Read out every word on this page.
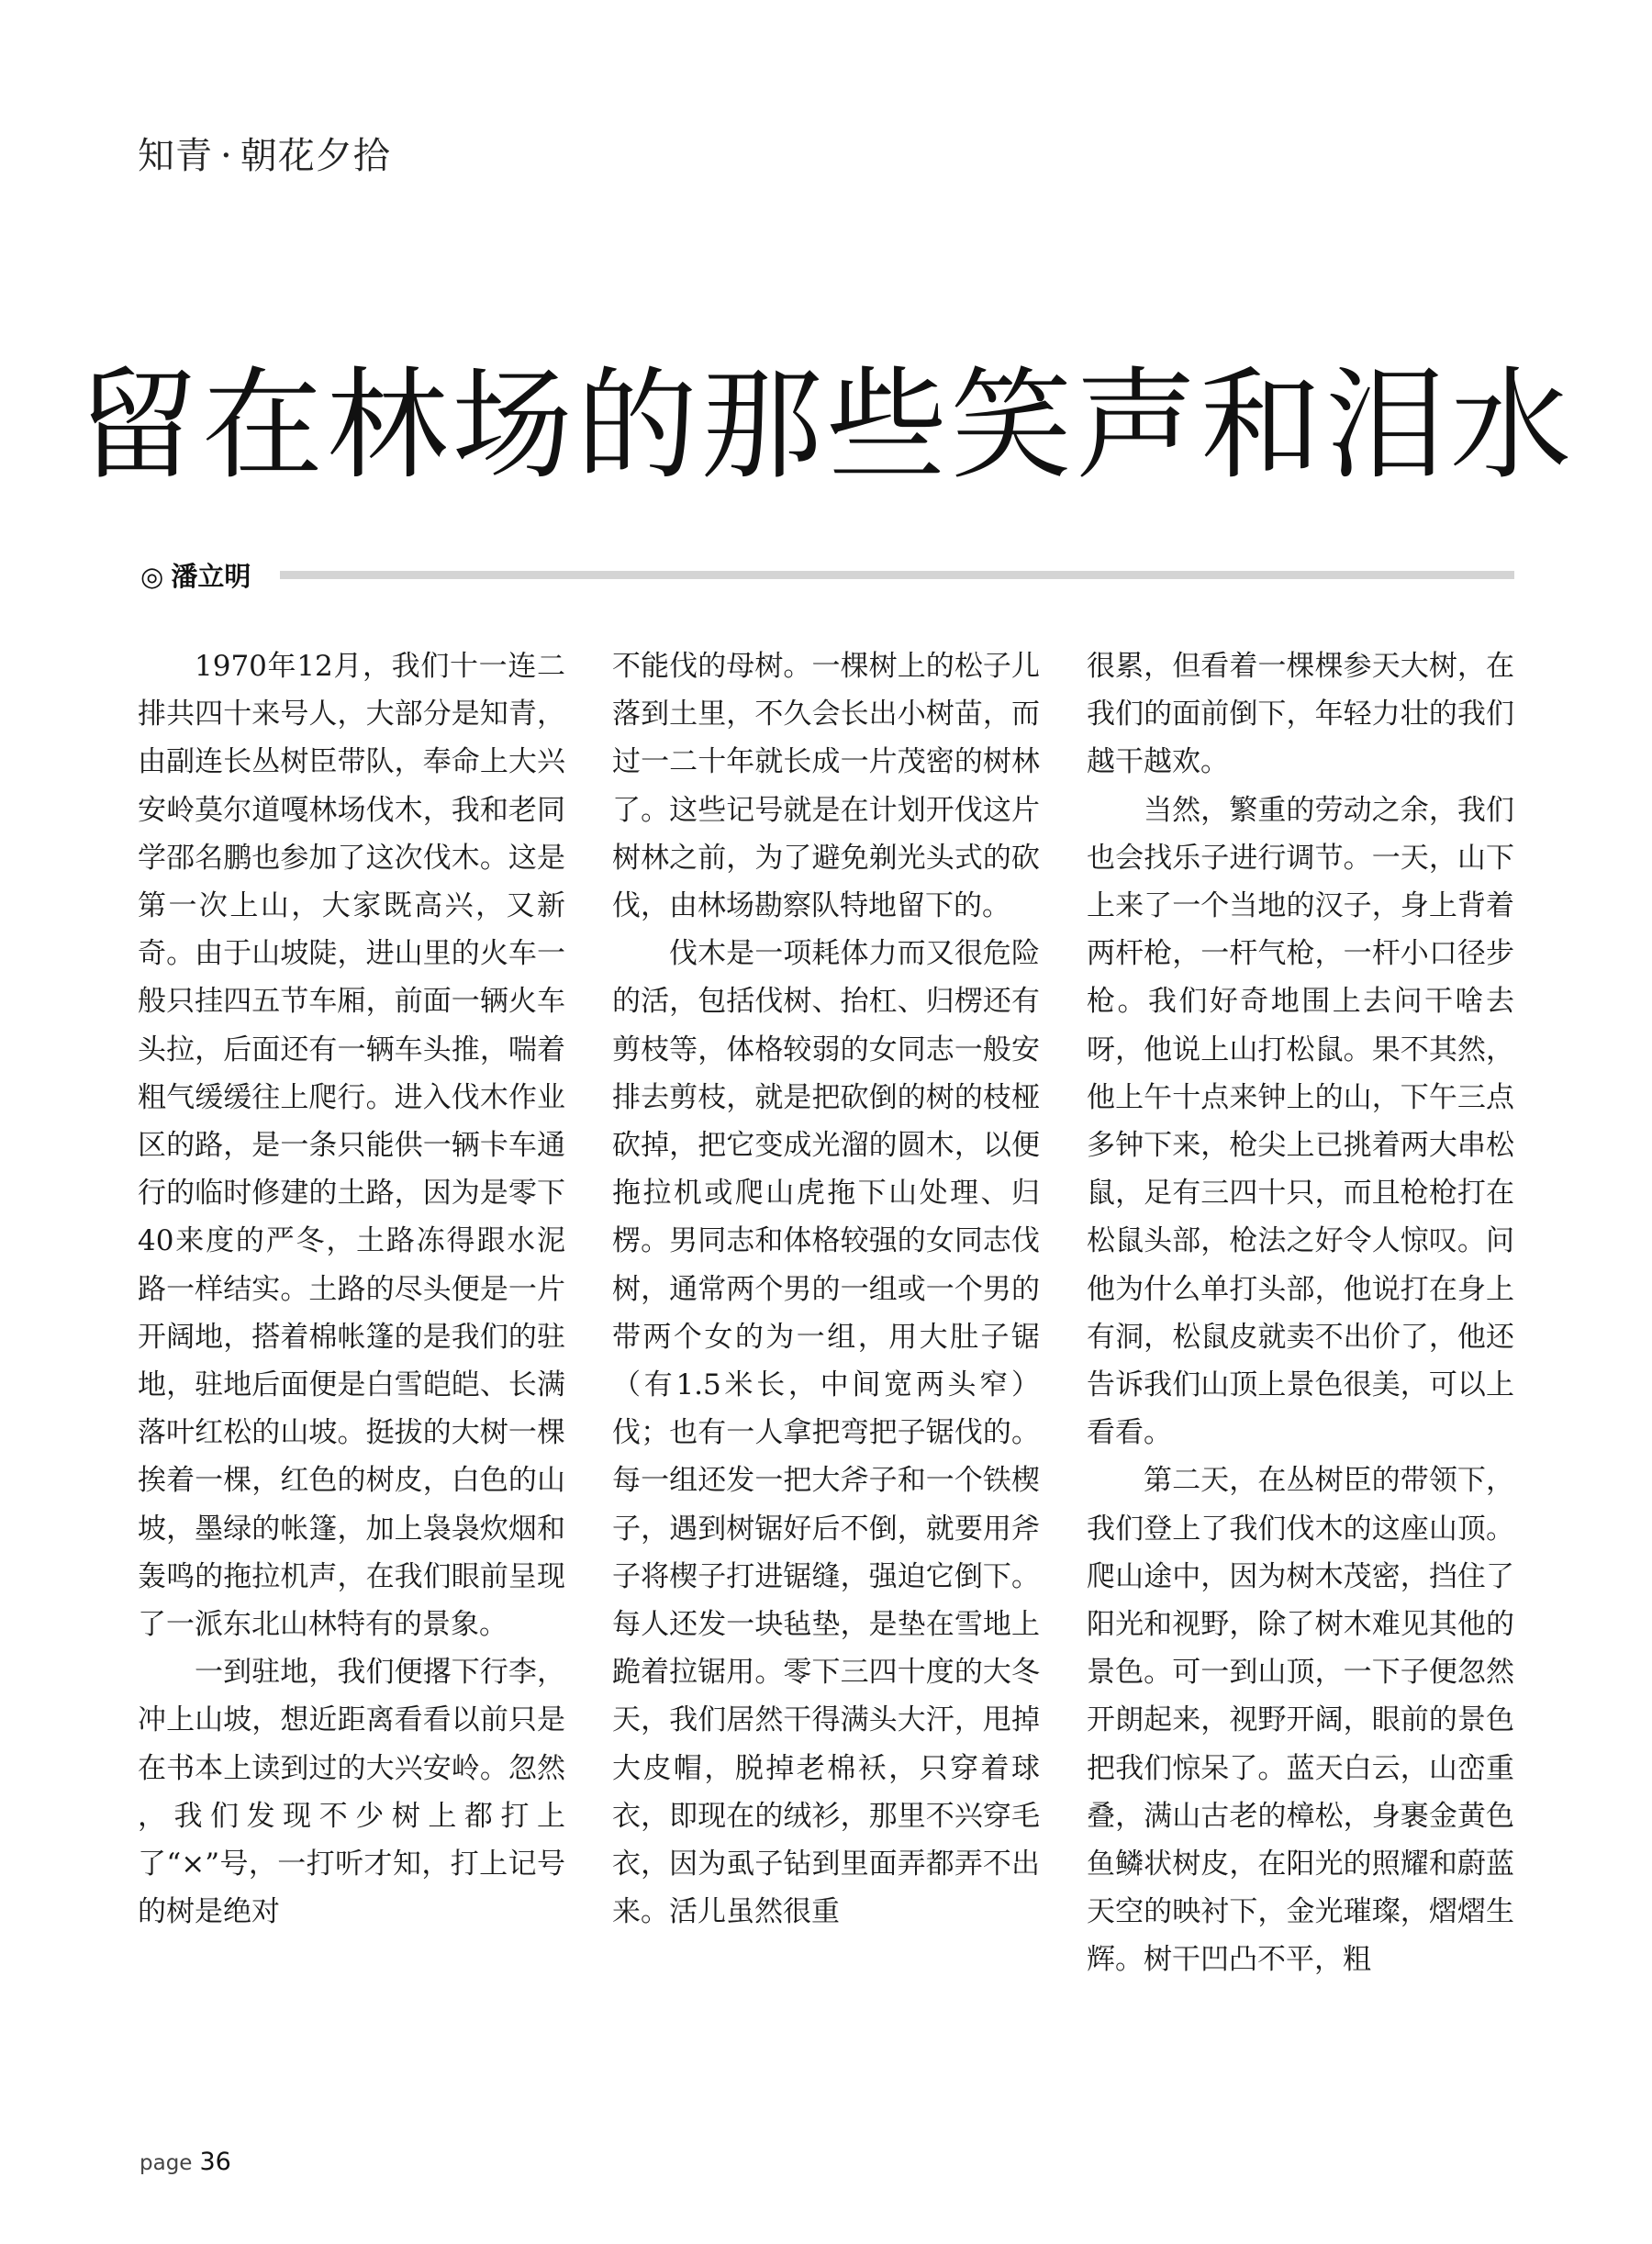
知青 · 朝花夕拾
留在林场的那些笑声和泪水
◎ 潘立明

1970年12月，我们十一连二排共四十来号人，大部分是知青，由副连长丛树臣带队，奉命上大兴安岭莫尔道嘎林场伐木，我和老同学邵名鹏也参加了这次伐木。这是第一次上山，大家既高兴，又新奇。由于山坡陡，进山里的火车一般只挂四五节车厢，前面一辆火车头拉，后面还有一辆车头推，喘着粗气缓缓往上爬行。进入伐木作业区的路，是一条只能供一辆卡车通行的临时修建的土路，因为是零下40来度的严冬，土路冻得跟水泥路一样结实。土路的尽头便是一片开阔地，搭着棉帐篷的是我们的驻地，驻地后面便是白雪皑皑、长满落叶红松的山坡。挺拔的大树一棵挨着一棵，红色的树皮，白色的山坡，墨绿的帐篷，加上袅袅炊烟和轰鸣的拖拉机声，在我们眼前呈现了一派东北山林特有的景象。

一到驻地，我们便撂下行李，冲上山坡，想近距离看看以前只是在书本上读到过的大兴安岭。忽然 ，我们发现不少树上都打上了“×”号，一打听才知，打上记号的树是绝对

不能伐的母树。一棵树上的松子儿落到土里，不久会长出小树苗，而过一二十年就长成一片茂密的树林了。这些记号就是在计划开伐这片树林之前，为了避免剃光头式的砍伐，由林场勘察队特地留下的。

伐木是一项耗体力而又很危险的活，包括伐树、抬杠、归楞还有剪枝等，体格较弱的女同志一般安排去剪枝，就是把砍倒的树的枝桠砍掉，把它变成光溜的圆木，以便拖拉机或爬山虎拖下山处理、归楞。男同志和体格较强的女同志伐树，通常两个男的一组或一个男的带两个女的为一组，用大肚子锯（有1.5米长，中间宽两头窄）伐；也有一人拿把弯把子锯伐的。每一组还发一把大斧子和一个铁楔子，遇到树锯好后不倒，就要用斧子将楔子打进锯缝，强迫它倒下。每人还发一块毡垫，是垫在雪地上跪着拉锯用。零下三四十度的大冬天，我们居然干得满头大汗，甩掉大皮帽，脱掉老棉袄，只穿着球衣，即现在的绒衫，那里不兴穿毛衣，因为虱子钻到里面弄都弄不出来。活儿虽然很重

很累，但看着一棵棵参天大树，在我们的面前倒下，年轻力壮的我们越干越欢。

当然，繁重的劳动之余，我们也会找乐子进行调节。一天，山下上来了一个当地的汉子，身上背着两杆枪，一杆气枪，一杆小口径步枪。我们好奇地围上去问干啥去呀，他说上山打松鼠。果不其然，他上午十点来钟上的山，下午三点多钟下来，枪尖上已挑着两大串松鼠，足有三四十只，而且枪枪打在松鼠头部，枪法之好令人惊叹。问他为什么单打头部，他说打在身上有洞，松鼠皮就卖不出价了，他还告诉我们山顶上景色很美，可以上看看。

第二天，在丛树臣的带领下，我们登上了我们伐木的这座山顶。爬山途中，因为树木茂密，挡住了阳光和视野，除了树木难见其他的景色。可一到山顶，一下子便忽然开朗起来，视野开阔，眼前的景色把我们惊呆了。蓝天白云，山峦重叠，满山古老的樟松，身裹金黄色鱼鳞状树皮，在阳光的照耀和蔚蓝天空的映衬下，金光璀璨，熠熠生辉。树干凹凸不平，粗

page 36
